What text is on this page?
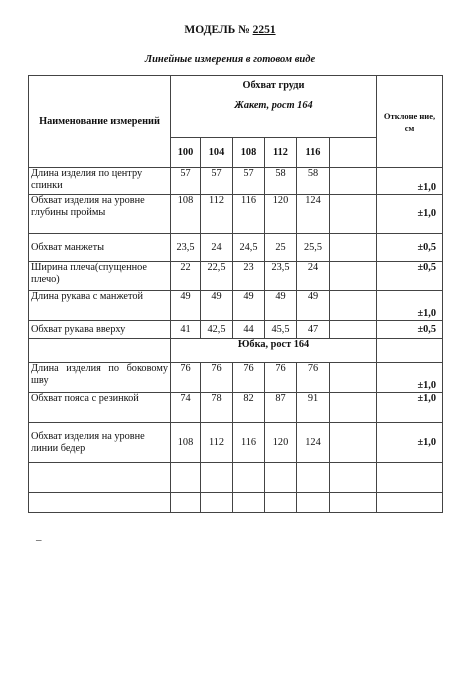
МОДЕЛЬ № 2251
Линейные измерения в готовом виде
Наименование измерений	Обхват груди
Жакет, рост 164						Отклоне ние, см
	100	104	108	112	116		
Длина изделия по центру спинки	57	57	57	58	58		±1,0
Обхват изделия на уровне глубины проймы	108	112	116	120	124		±1,0
Обхват манжеты	23,5	24	24,5	25	25,5		±0,5
Ширина плеча(спущенное плечо)	22	22,5	23	23,5	24		±0,5
Длина рукава с манжетой	49	49	49	49	49		±1,0
Обхват рукава вверху	41	42,5	44	45,5	47		±0,5
	Юбка, рост 164						
Длина изделия по боковому шву	76	76	76	76	76		±1,0
Обхват пояса с резинкой	74	78	82	87	91		±1,0
Обхват изделия на уровне линии бедер	108	112	116	120	124		±1,0

–
